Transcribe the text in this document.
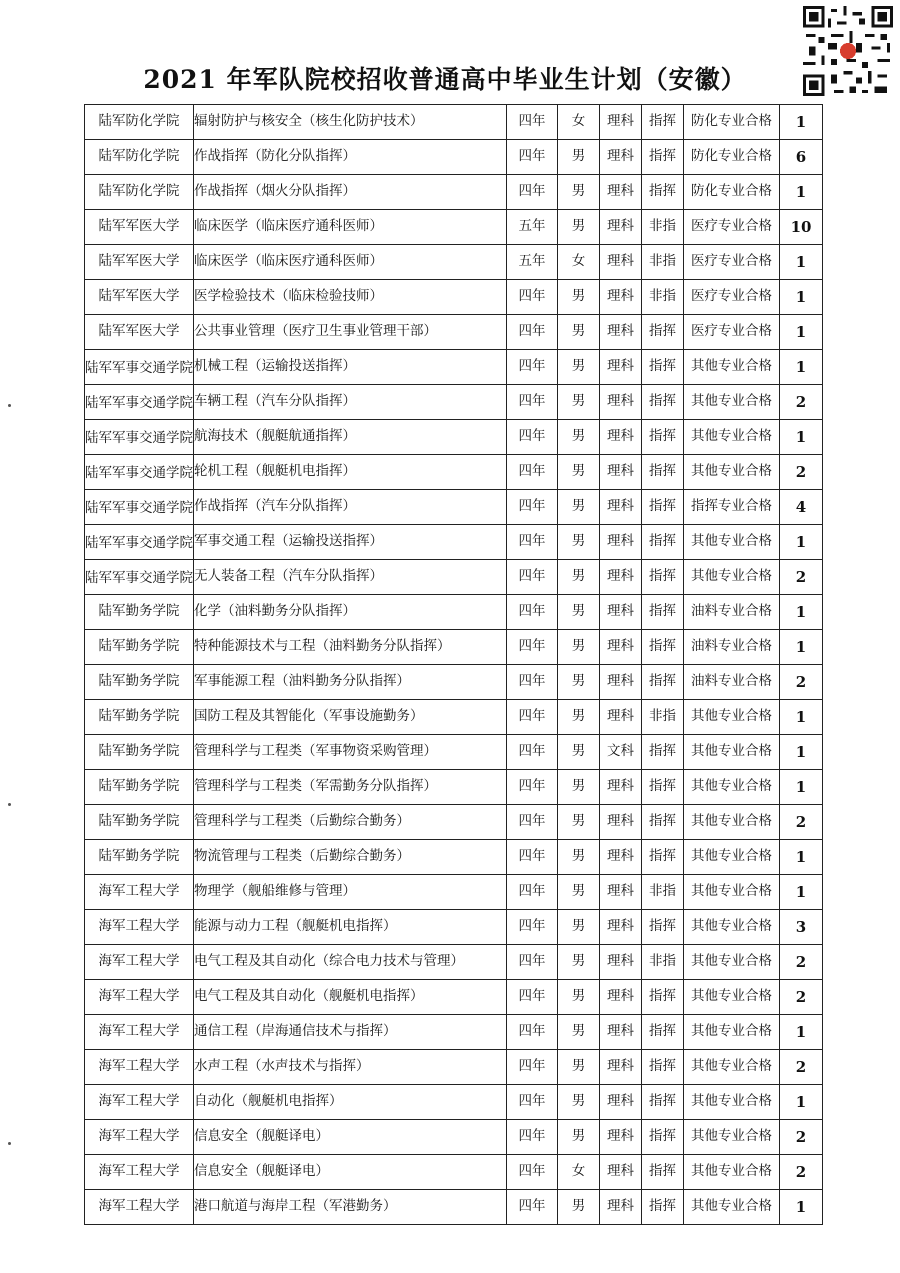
2021 年军队院校招收普通高中毕业生计划（安徽）
陆军防化学院	辐射防护与核安全（核生化防护技术）	四年	女	理科	指挥	防化专业合格	1
陆军防化学院	作战指挥（防化分队指挥）	四年	男	理科	指挥	防化专业合格	6
陆军防化学院	作战指挥（烟火分队指挥）	四年	男	理科	指挥	防化专业合格	1
陆军军医大学	临床医学（临床医疗通科医师）	五年	男	理科	非指	医疗专业合格	10
陆军军医大学	临床医学（临床医疗通科医师）	五年	女	理科	非指	医疗专业合格	1
陆军军医大学	医学检验技术（临床检验技师）	四年	男	理科	非指	医疗专业合格	1
陆军军医大学	公共事业管理（医疗卫生事业管理干部）	四年	男	理科	指挥	医疗专业合格	1

陆军军事交通学院	机械工程（运输投送指挥）	四年	男	理科	指挥	其他专业合格	1

陆军军事交通学院	车辆工程（汽车分队指挥）	四年	男	理科	指挥	其他专业合格	2

陆军军事交通学院	航海技术（舰艇航通指挥）	四年	男	理科	指挥	其他专业合格	1

陆军军事交通学院	轮机工程（舰艇机电指挥）	四年	男	理科	指挥	其他专业合格	2

陆军军事交通学院	作战指挥（汽车分队指挥）	四年	男	理科	指挥	指挥专业合格	4

陆军军事交通学院	军事交通工程（运输投送指挥）	四年	男	理科	指挥	其他专业合格	1

陆军军事交通学院	无人装备工程（汽车分队指挥）	四年	男	理科	指挥	其他专业合格	2
陆军勤务学院	化学（油料勤务分队指挥）	四年	男	理科	指挥	油料专业合格	1
陆军勤务学院	特种能源技术与工程（油料勤务分队指挥）	四年	男	理科	指挥	油料专业合格	1
陆军勤务学院	军事能源工程（油料勤务分队指挥）	四年	男	理科	指挥	油料专业合格	2
陆军勤务学院	国防工程及其智能化（军事设施勤务）	四年	男	理科	非指	其他专业合格	1
陆军勤务学院	管理科学与工程类（军事物资采购管理）	四年	男	文科	指挥	其他专业合格	1
陆军勤务学院	管理科学与工程类（军需勤务分队指挥）	四年	男	理科	指挥	其他专业合格	1
陆军勤务学院	管理科学与工程类（后勤综合勤务）	四年	男	理科	指挥	其他专业合格	2
陆军勤务学院	物流管理与工程类（后勤综合勤务）	四年	男	理科	指挥	其他专业合格	1
海军工程大学	物理学（舰船维修与管理）	四年	男	理科	非指	其他专业合格	1
海军工程大学	能源与动力工程（舰艇机电指挥）	四年	男	理科	指挥	其他专业合格	3
海军工程大学	电气工程及其自动化（综合电力技术与管理）	四年	男	理科	非指	其他专业合格	2
海军工程大学	电气工程及其自动化（舰艇机电指挥）	四年	男	理科	指挥	其他专业合格	2
海军工程大学	通信工程（岸海通信技术与指挥）	四年	男	理科	指挥	其他专业合格	1
海军工程大学	水声工程（水声技术与指挥）	四年	男	理科	指挥	其他专业合格	2
海军工程大学	自动化（舰艇机电指挥）	四年	男	理科	指挥	其他专业合格	1
海军工程大学	信息安全（舰艇译电）	四年	男	理科	指挥	其他专业合格	2
海军工程大学	信息安全（舰艇译电）	四年	女	理科	指挥	其他专业合格	2
海军工程大学	港口航道与海岸工程（军港勤务）	四年	男	理科	指挥	其他专业合格	1
